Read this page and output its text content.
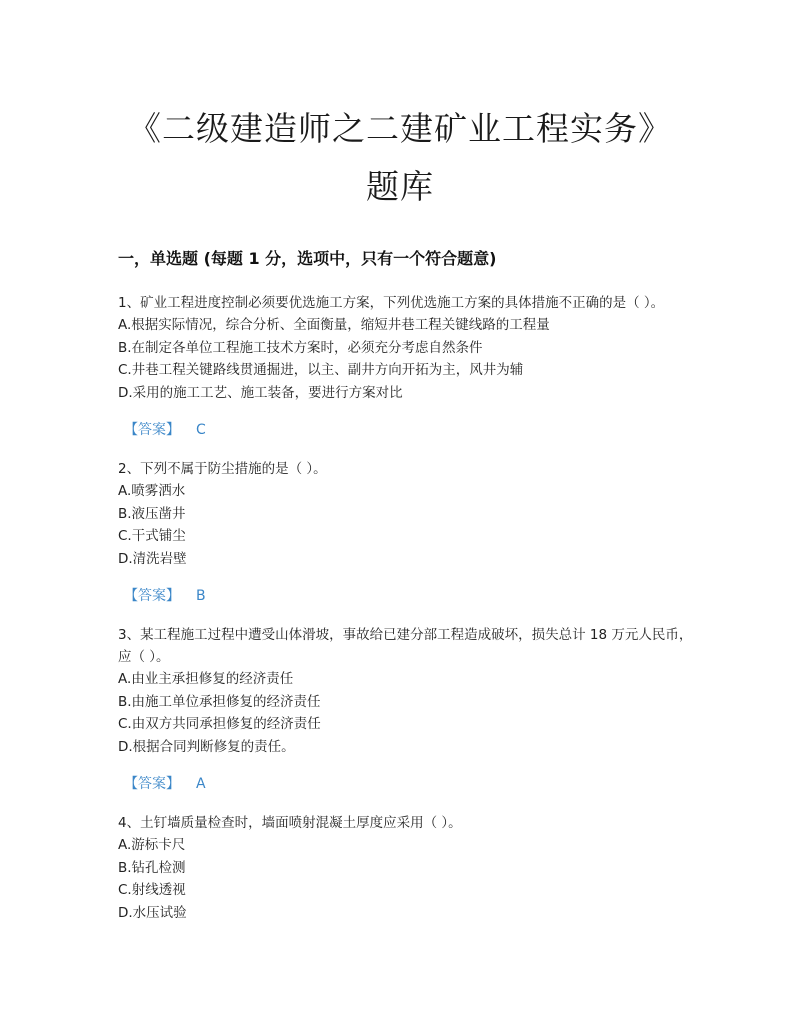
《二级建造师之二建矿业工程实务》
题库
一，单选题 (每题 1 分，选项中，只有一个符合题意)
1、矿业工程进度控制必须要优选施工方案，下列优选施工方案的具体措施不正确的是（ ）。
A.根据实际情况，综合分析、全面衡量，缩短井巷工程关键线路的工程量
B.在制定各单位工程施工技术方案时，必须充分考虑自然条件
C.井巷工程关键路线贯通掘进，以主、副井方向开拓为主，风井为辅
D.采用的施工工艺、施工装备，要进行方案对比
【答案】 C
2、下列不属于防尘措施的是（ ）。
A.喷雾洒水
B.液压凿井
C.干式铺尘
D.清洗岩壁
【答案】 B
3、某工程施工过程中遭受山体滑坡，事故给已建分部工程造成破坏，损失总计 18 万元人民币，应（ ）。
A.由业主承担修复的经济责任
B.由施工单位承担修复的经济责任
C.由双方共同承担修复的经济责任
D.根据合同判断修复的责任。
【答案】 A
4、土钉墙质量检查时，墙面喷射混凝土厚度应采用（ ）。
A.游标卡尺
B.钻孔检测
C.射线透视
D.水压试验
